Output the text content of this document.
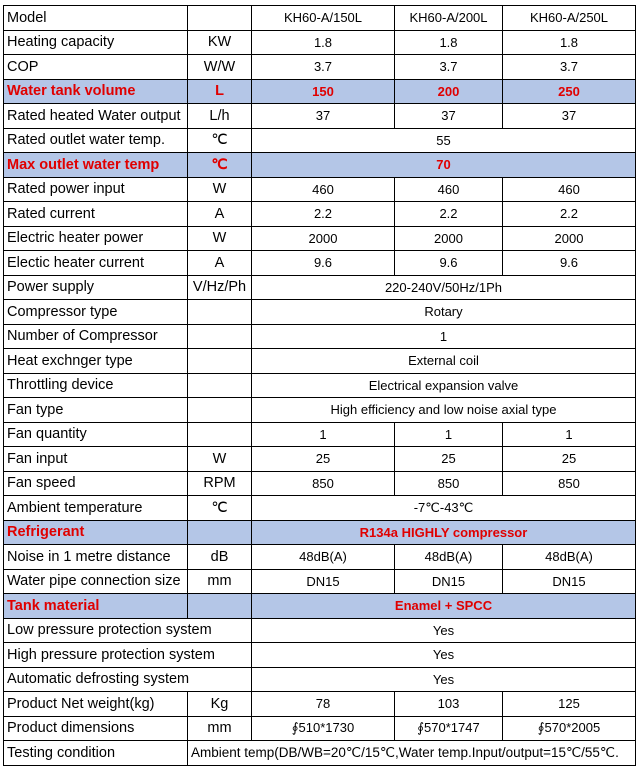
Model		KH60-A/150L	KH60-A/200L	KH60-A/250L
Heating capacity	KW	1.8	1.8	1.8
COP	W/W	3.7	3.7	3.7
Water tank volume	L	150	200	250
Rated heated Water output	L/h	37	37	37
Rated outlet water temp.	℃	55		
Max outlet water temp	℃	70		
Rated power input	W	460	460	460
Rated current	A	2.2	2.2	2.2
Electric heater power	W	2000	2000	2000
Electic heater current	A	9.6	9.6	9.6
Power supply	V/Hz/Ph	220-240V/50Hz/1Ph		
Compressor type		Rotary		
Number of Compressor		1		
Heat exchnger type		External coil		
Throttling device		Electrical expansion valve		
Fan type		High efficiency and low noise axial type		
Fan quantity		1	1	1
Fan input	W	25	25	25
Fan speed	RPM	850	850	850
Ambient temperature	℃	-7℃-43℃		
Refrigerant		R134a HIGHLY compressor		
Noise in 1 metre distance	dB	48dB(A)	48dB(A)	48dB(A)
Water pipe connection size	mm	DN15	DN15	DN15
Tank material		Enamel + SPCC		
Low pressure protection system		Yes		
High pressure protection system		Yes		
Automatic defrosting system		Yes		
Product Net weight(kg)	Kg	78	103	125
Product dimensions	mm	∮510*1730	∮570*1747	∮570*2005
Testing condition	Ambient temp(DB/WB=20℃/15℃,Water temp.Input/output=15℃/55℃.			
